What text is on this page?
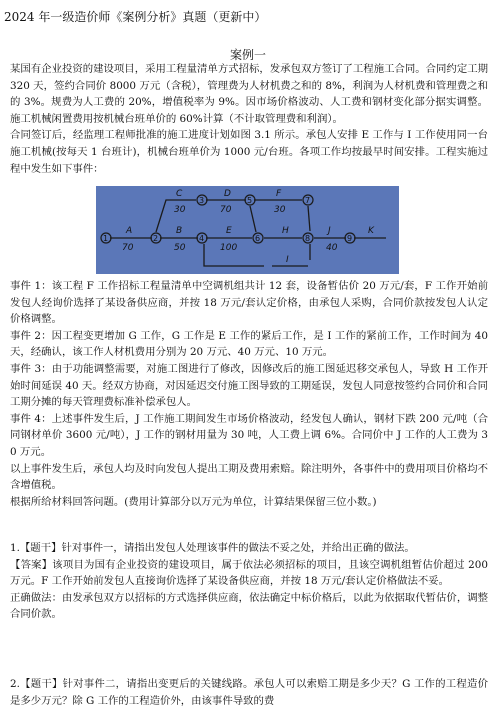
2024 年一级造价师《案例分析》真题（更新中）
案例一

某国有企业投资的建设项目，采用工程量清单方式招标，发承包双方签订了工程施工合同。合同约定工期 320 天，签约合同价 8000 万元（含税），管理费为人材机费之和的 8%，利润为人材机费和管理费之和的 3%。规费为人工费的 20%，增值税率为 9%。因市场价格波动、人工费和钢材变化部分据实调整。施工机械闲置费用按机械台班单价的 60%计算（不计取管理费和利润）。

合同签订后，经监理工程师批准的施工进度计划如图 3.1 所示。承包人安排 E 工作与 I 工作使用同一台施工机械(按每天 1 台班计)，机械台班单价为 1000 元/台班。各项工作均按最早时间安排。工程实施过程中发生如下事件：

1	2
3
4
5
6
7
8	9
A
70
B
50
C
30
D
70
E
100
F
30
H	J
40
I
K

事件 1：该工程 F 工作招标工程量清单中空调机组共计 12 套，设备暂估价 20 万元/套，F 工作开始前发包人经询价选择了某设备供应商，并按 18 万元/套认定价格，由承包人采购，合同价款按发包人认定价格调整。

事件 2：因工程变更增加 G 工作，G 工作是 E 工作的紧后工作，是 I 工作的紧前工作，工作时间为 40 天，经确认，该工作人材机费用分别为 20 万元、40 万元、10 万元。

事件 3：由于功能调整需要，对施工图进行了修改，因修改后的施工图延迟移交承包人，导致 H 工作开始时间延误 40 天。经双方协商，对因延迟交付施工图导致的工期延误，发包人同意按签约合同价和合同工期分摊的每天管理费标准补偿承包人。

事件 4：上述事件发生后，J 工作施工期间发生市场价格波动，经发包人确认，钢材下跌 200 元/吨（合同钢材单价 3600 元/吨），J 工作的钢材用量为 30 吨，人工费上调 6%。合同价中 J 工作的人工费为 30 万元。

以上事件发生后，承包人均及时向发包人提出工期及费用索赔。除注明外，各事件中的费用项目价格均不含增值税。

根据所给材料回答问题。(费用计算部分以万元为单位，计算结果保留三位小数。)

1.【题干】针对事件一，请指出发包人处理该事件的做法不妥之处，并给出正确的做法。

【答案】该项目为国有企业投资的建设项目，属于依法必须招标的项目，且该空调机组暂估价超过 200 万元。F 工作开始前发包人直接询价选择了某设备供应商，并按 18 万元/套认定价格做法不妥。

正确做法：由发承包双方以招标的方式选择供应商，依法确定中标价格后，以此为依据取代暂估价，调整合同价款。

2.【题干】针对事件二，请指出变更后的关键线路。承包人可以索赔工期是多少天？G 工作的工程造价是多少万元？除 G 工作的工程造价外，由该事件导致的费
